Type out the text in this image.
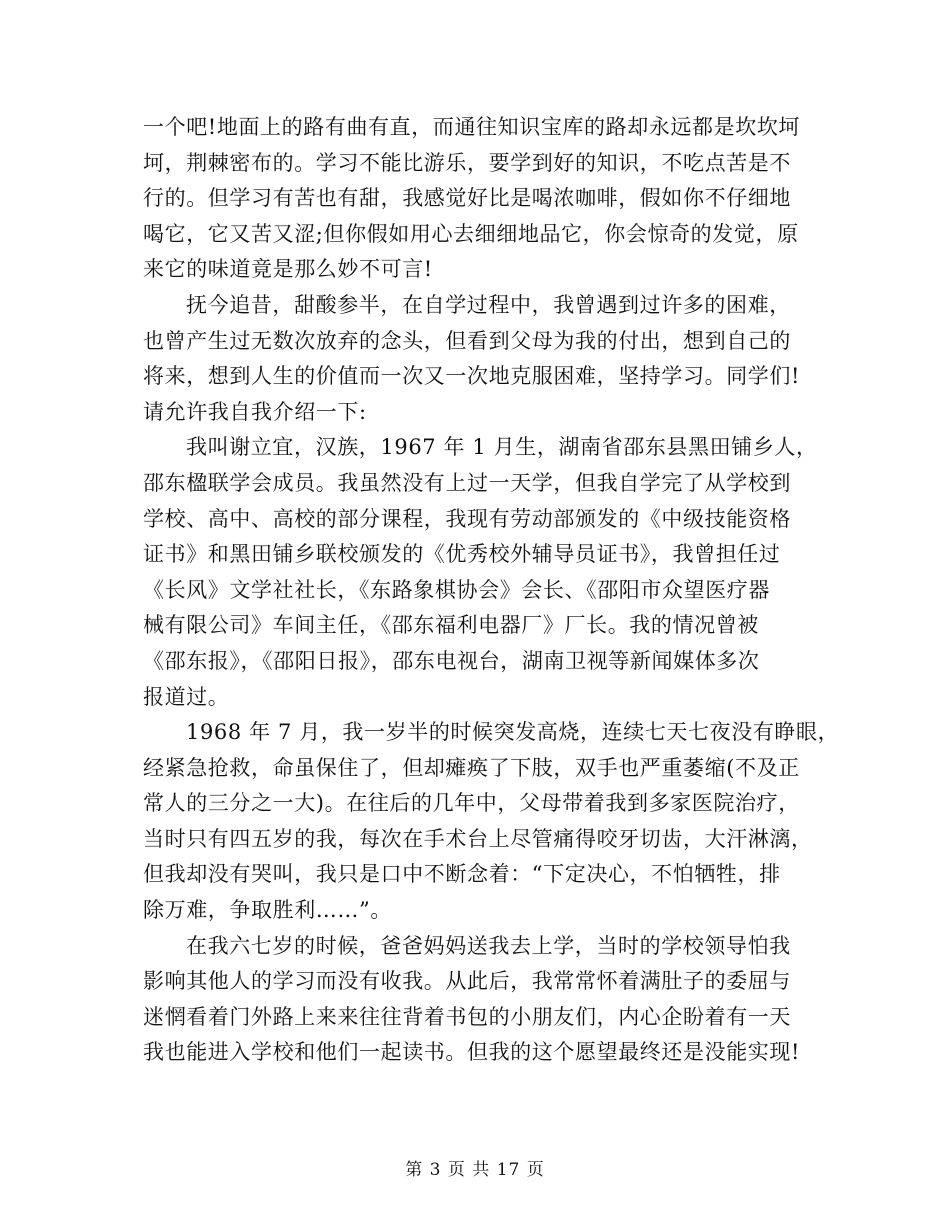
一个吧!地面上的路有曲有直，而通往知识宝库的路却永远都是坎坎坷
坷，荆棘密布的。学习不能比游乐，要学到好的知识，不吃点苦是不
行的。但学习有苦也有甜，我感觉好比是喝浓咖啡，假如你不仔细地
喝它，它又苦又涩;但你假如用心去细细地品它，你会惊奇的发觉，原
来它的味道竟是那么妙不可言!

抚今追昔，甜酸参半，在自学过程中，我曾遇到过许多的困难，
也曾产生过无数次放弃的念头，但看到父母为我的付出，想到自己的
将来，想到人生的价值而一次又一次地克服困难，坚持学习。同学们!
请允许我自我介绍一下:

我叫谢立宜，汉族，1967 年 1 月生，湖南省邵东县黑田铺乡人，
邵东楹联学会成员。我虽然没有上过一天学，但我自学完了从学校到
学校、高中、高校的部分课程，我现有劳动部颁发的《中级技能资格
证书》和黑田铺乡联校颁发的《优秀校外辅导员证书》，我曾担任过
《长风》文学社社长，《东路象棋协会》会长、《邵阳市众望医疗器
械有限公司》车间主任，《邵东福利电器厂》厂长。我的情况曾被
《邵东报》，《邵阳日报》，邵东电视台，湖南卫视等新闻媒体多次
报道过。

1968 年 7 月，我一岁半的时候突发高烧，连续七天七夜没有睁眼，
经紧急抢救，命虽保住了，但却瘫痪了下肢，双手也严重萎缩(不及正
常人的三分之一大)。在往后的几年中，父母带着我到多家医院治疗，
当时只有四五岁的我，每次在手术台上尽管痛得咬牙切齿，大汗淋漓，
但我却没有哭叫，我只是口中不断念着：“下定决心，不怕牺牲，排
除万难，争取胜利……”。

在我六七岁的时候，爸爸妈妈送我去上学，当时的学校领导怕我
影响其他人的学习而没有收我。从此后，我常常怀着满肚子的委屈与
迷惘看着门外路上来来往往背着书包的小朋友们，内心企盼着有一天
我也能进入学校和他们一起读书。但我的这个愿望最终还是没能实现!

第 3 页 共 17 页
